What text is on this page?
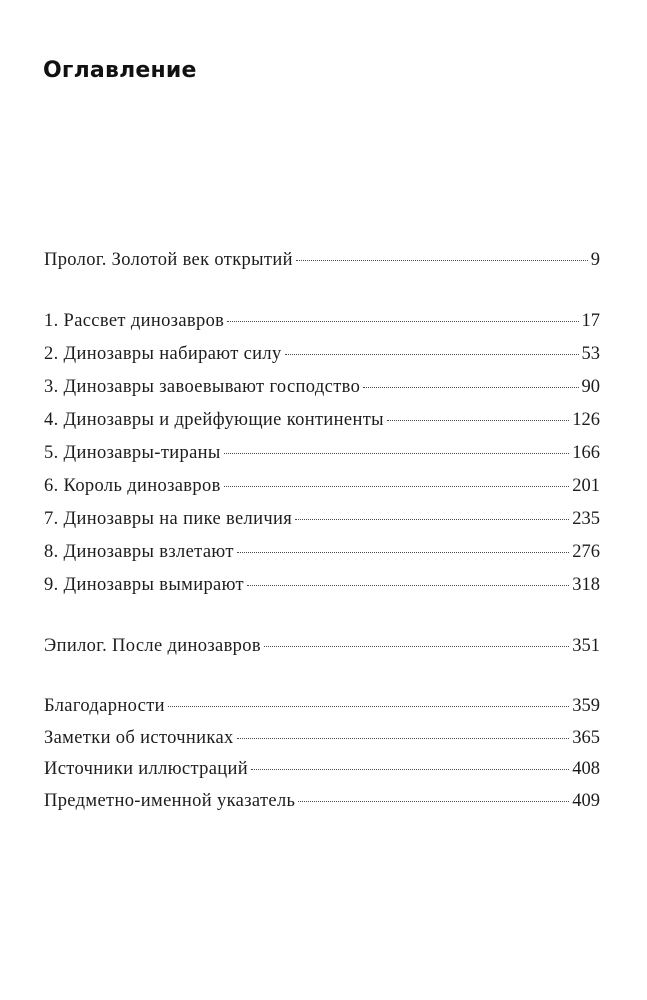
Оглавление
Пролог. Золотой век открытий	9
1. Рассвет динозавров	17
2. Динозавры набирают силу	53
3. Динозавры завоевывают господство	90
4. Динозавры и дрейфующие континенты	126
5. Динозавры-тираны	166
6. Король динозавров	201
7. Динозавры на пике величия	235
8. Динозавры взлетают	276
9. Динозавры вымирают	318
Эпилог. После динозавров	351
Благодарности	359
Заметки об источниках	365
Источники иллюстраций	408
Предметно-именной указатель	409
